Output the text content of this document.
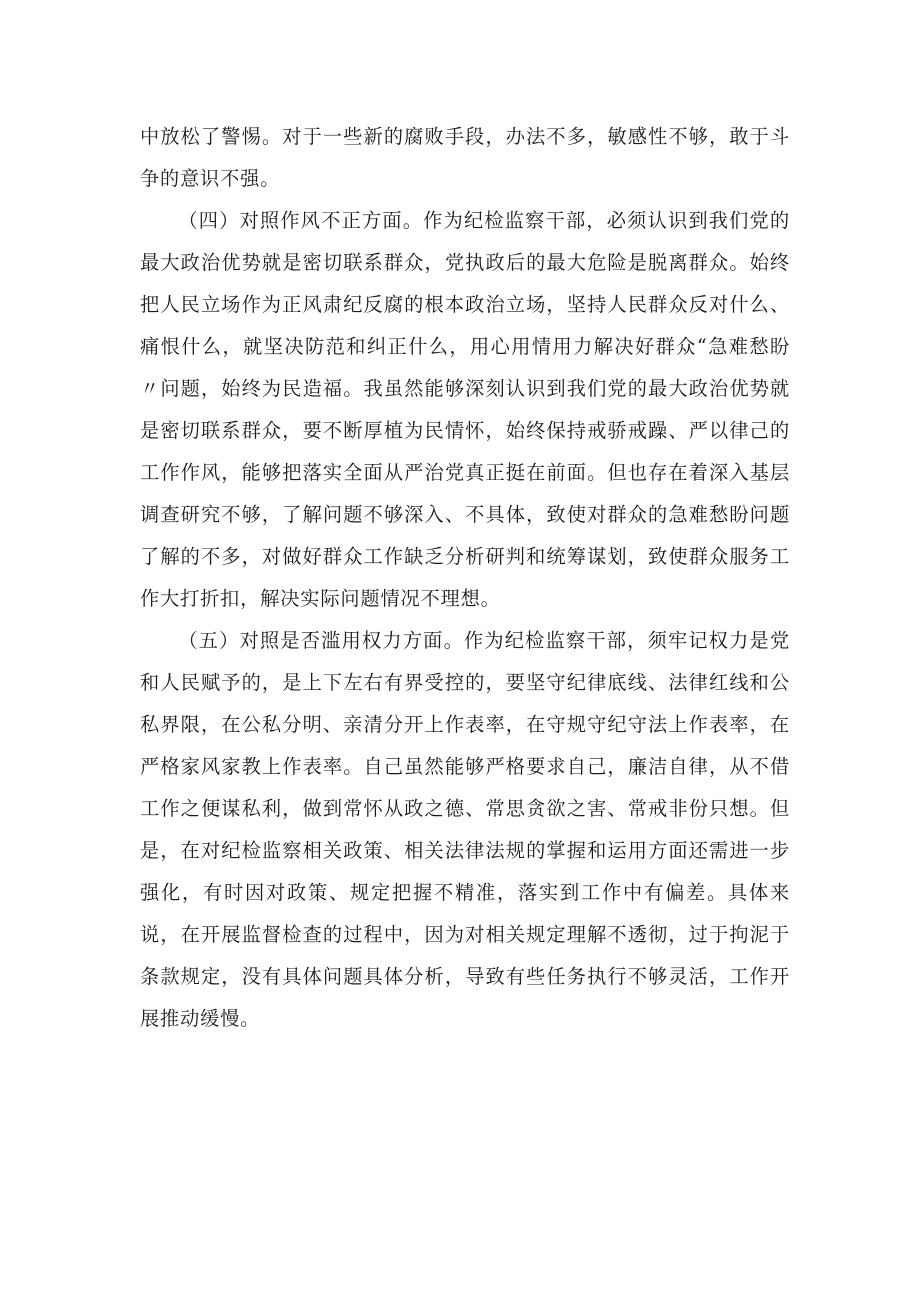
中放松了警惕。对于一些新的腐败手段，办法不多，敏感性不够，敢于斗争的意识不强。

（四）对照作风不正方面。作为纪检监察干部，必须认识到我们党的最大政治优势就是密切联系群众，党执政后的最大危险是脱离群众。始终把人民立场作为正风肃纪反腐的根本政治立场，坚持人民群众反对什么、痛恨什么，就坚决防范和纠正什么，用心用情用力解决好群众“急难愁盼〃问题，始终为民造福。我虽然能够深刻认识到我们党的最大政治优势就是密切联系群众，要不断厚植为民情怀，始终保持戒骄戒躁、严以律己的工作作风，能够把落实全面从严治党真正挺在前面。但也存在着深入基层调查研究不够，了解问题不够深入、不具体，致使对群众的急难愁盼问题了解的不多，对做好群众工作缺乏分析研判和统筹谋划，致使群众服务工作大打折扣，解决实际问题情况不理想。

（五）对照是否滥用权力方面。作为纪检监察干部，须牢记权力是党和人民赋予的，是上下左右有界受控的，要坚守纪律底线、法律红线和公私界限，在公私分明、亲清分开上作表率，在守规守纪守法上作表率，在严格家风家教上作表率。自己虽然能够严格要求自己，廉洁自律，从不借工作之便谋私利，做到常怀从政之德、常思贪欲之害、常戒非份只想。但是，在对纪检监察相关政策、相关法律法规的掌握和运用方面还需进一步强化，有时因对政策、规定把握不精准，落实到工作中有偏差。具体来说，在开展监督检查的过程中，因为对相关规定理解不透彻，过于拘泥于条款规定，没有具体问题具体分析，导致有些任务执行不够灵活，工作开展推动缓慢。
